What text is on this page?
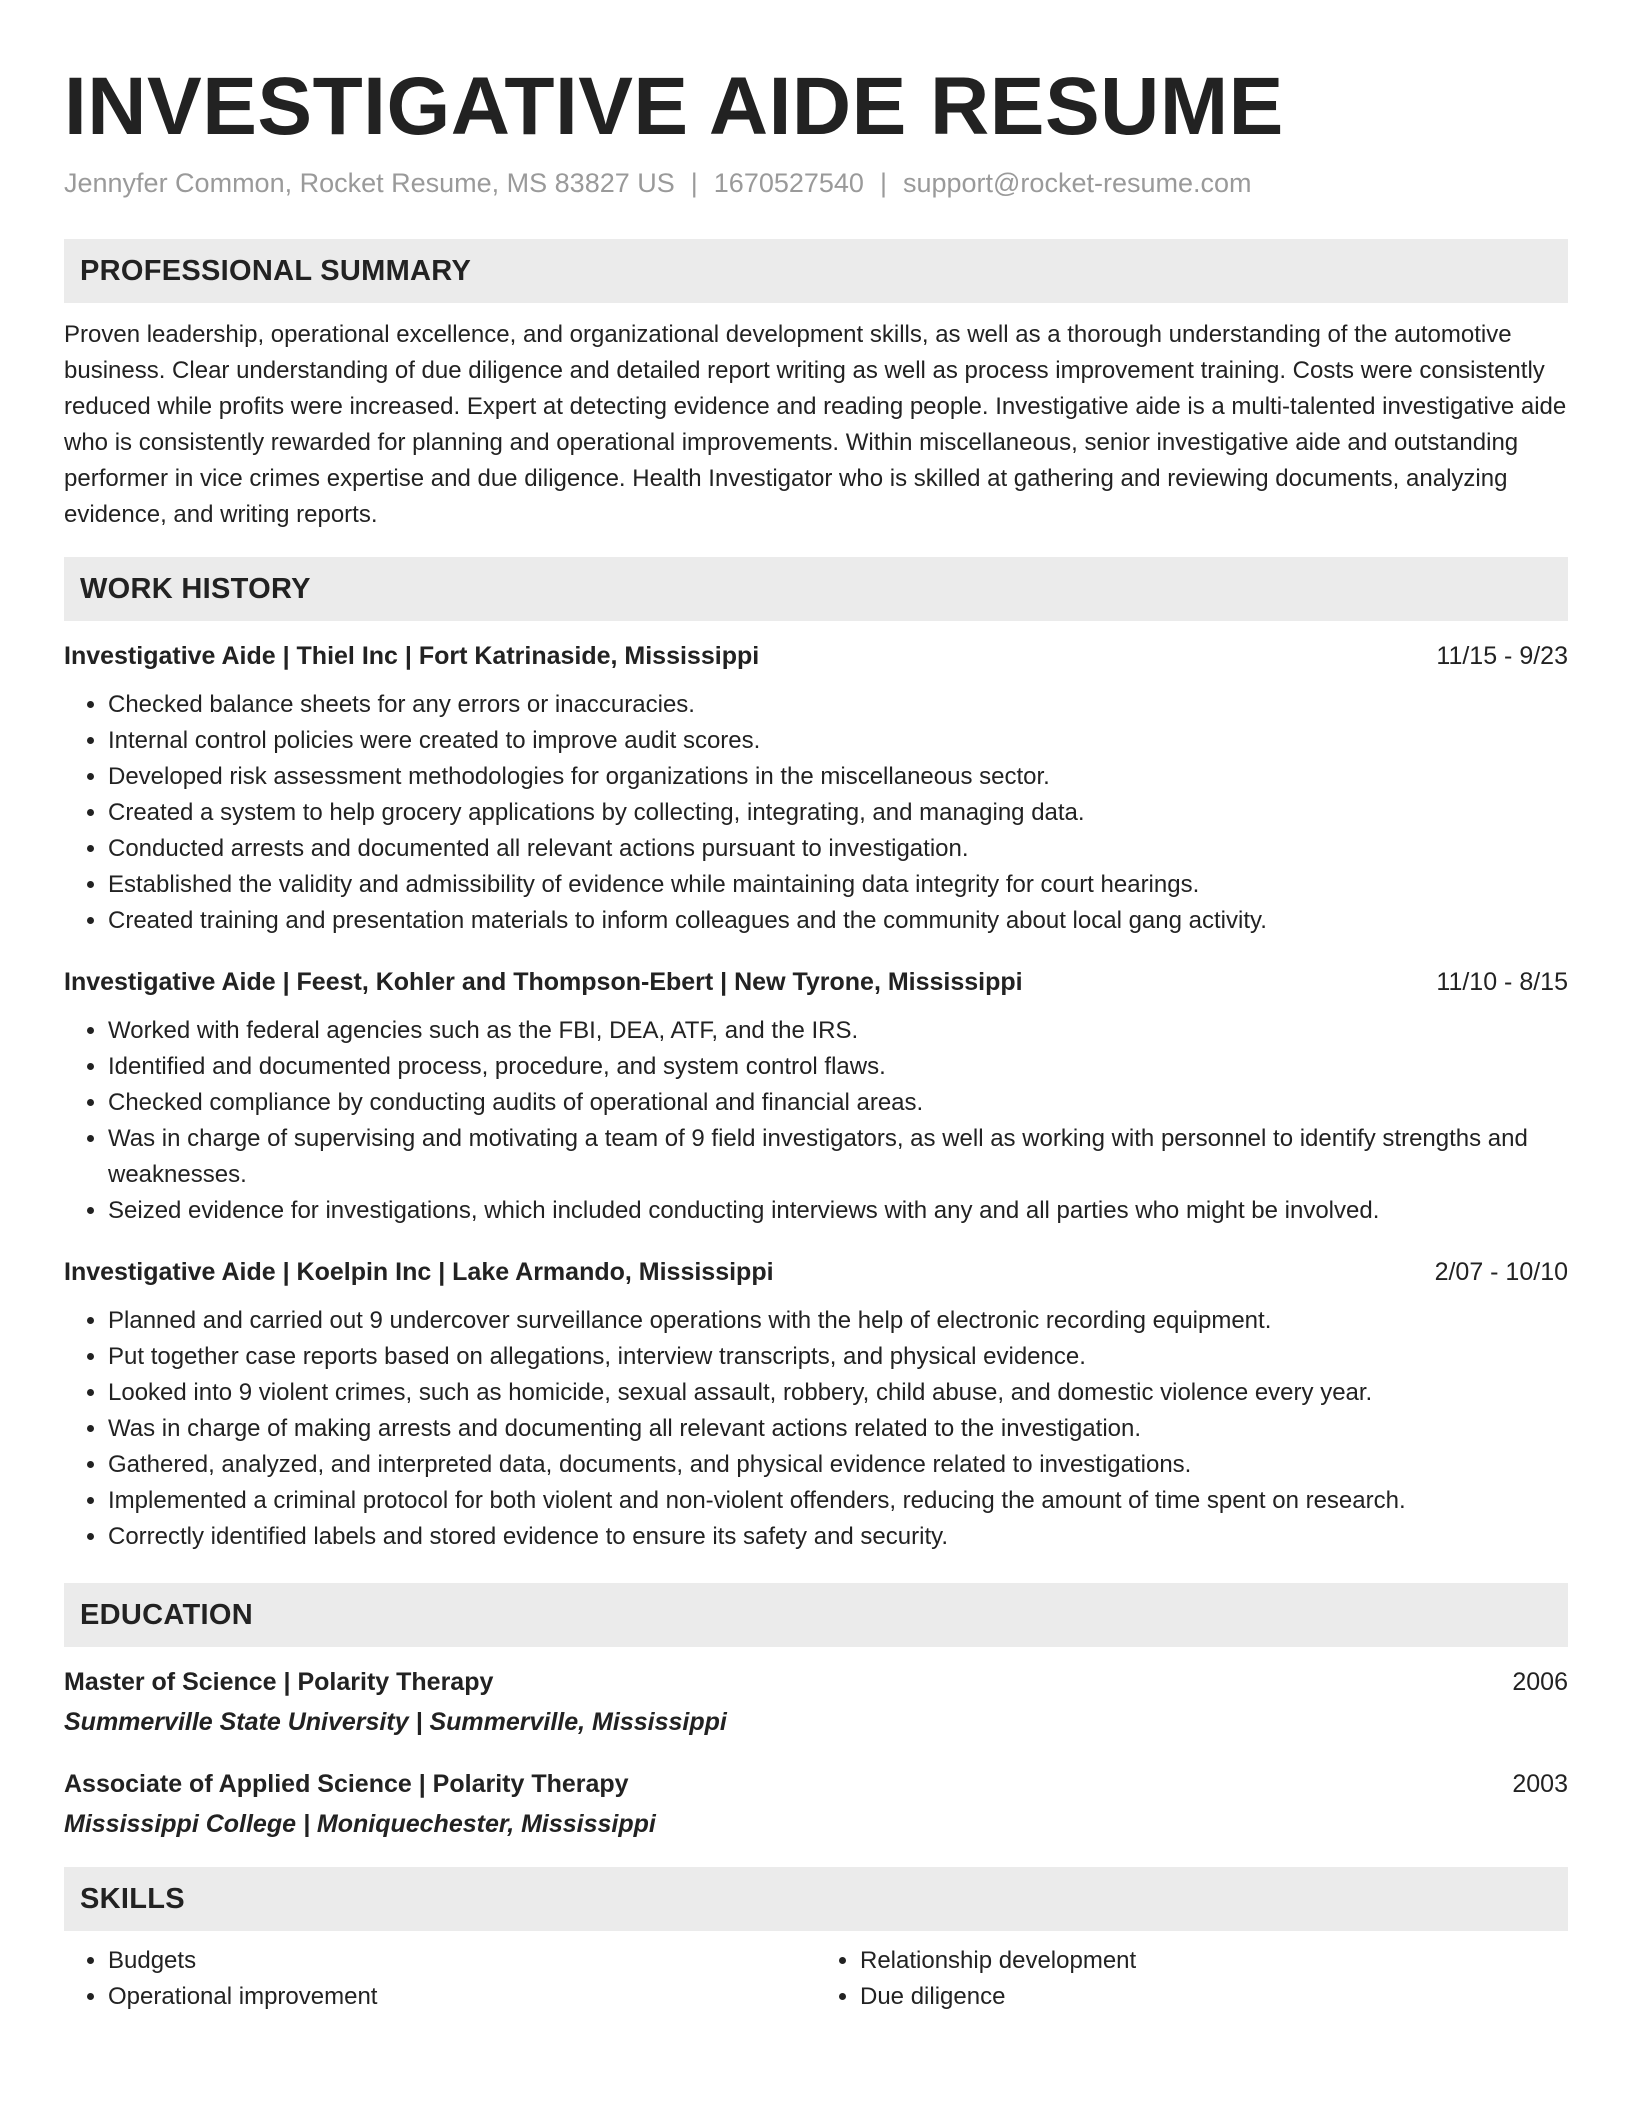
INVESTIGATIVE AIDE RESUME
Jennyfer Common, Rocket Resume, MS 83827 US | 1670527540 | support@rocket-resume.com
PROFESSIONAL SUMMARY

Proven leadership, operational excellence, and organizational development skills, as well as a thorough understanding of the automotive business. Clear understanding of due diligence and detailed report writing as well as process improvement training. Costs were consistently reduced while profits were increased. Expert at detecting evidence and reading people. Investigative aide is a multi-talented investigative aide who is consistently rewarded for planning and operational improvements. Within miscellaneous, senior investigative aide and outstanding performer in vice crimes expertise and due diligence. Health Investigator who is skilled at gathering and reviewing documents, analyzing evidence, and writing reports.

WORK HISTORY
Investigative Aide | Thiel Inc | Fort Katrinaside, Mississippi	11/15 - 9/23
• Checked balance sheets for any errors or inaccuracies.
• Internal control policies were created to improve audit scores.
• Developed risk assessment methodologies for organizations in the miscellaneous sector.
• Created a system to help grocery applications by collecting, integrating, and managing data.
• Conducted arrests and documented all relevant actions pursuant to investigation.
• Established the validity and admissibility of evidence while maintaining data integrity for court hearings.
• Created training and presentation materials to inform colleagues and the community about local gang activity.
Investigative Aide | Feest, Kohler and Thompson-Ebert | New Tyrone, Mississippi	11/10 - 8/15
• Worked with federal agencies such as the FBI, DEA, ATF, and the IRS.
• Identified and documented process, procedure, and system control flaws.
• Checked compliance by conducting audits of operational and financial areas.
• Was in charge of supervising and motivating a team of 9 field investigators, as well as working with personnel to identify strengths and weaknesses.
• Seized evidence for investigations, which included conducting interviews with any and all parties who might be involved.
Investigative Aide | Koelpin Inc | Lake Armando, Mississippi	2/07 - 10/10
• Planned and carried out 9 undercover surveillance operations with the help of electronic recording equipment.
• Put together case reports based on allegations, interview transcripts, and physical evidence.
• Looked into 9 violent crimes, such as homicide, sexual assault, robbery, child abuse, and domestic violence every year.
• Was in charge of making arrests and documenting all relevant actions related to the investigation.
• Gathered, analyzed, and interpreted data, documents, and physical evidence related to investigations.
• Implemented a criminal protocol for both violent and non-violent offenders, reducing the amount of time spent on research.
• Correctly identified labels and stored evidence to ensure its safety and security.
EDUCATION
Master of Science | Polarity Therapy	2006
Summerville State University | Summerville, Mississippi
Associate of Applied Science | Polarity Therapy	2003
Mississippi College | Moniquechester, Mississippi
SKILLS
• Budgets
• Operational improvement
• Relationship development
• Due diligence
